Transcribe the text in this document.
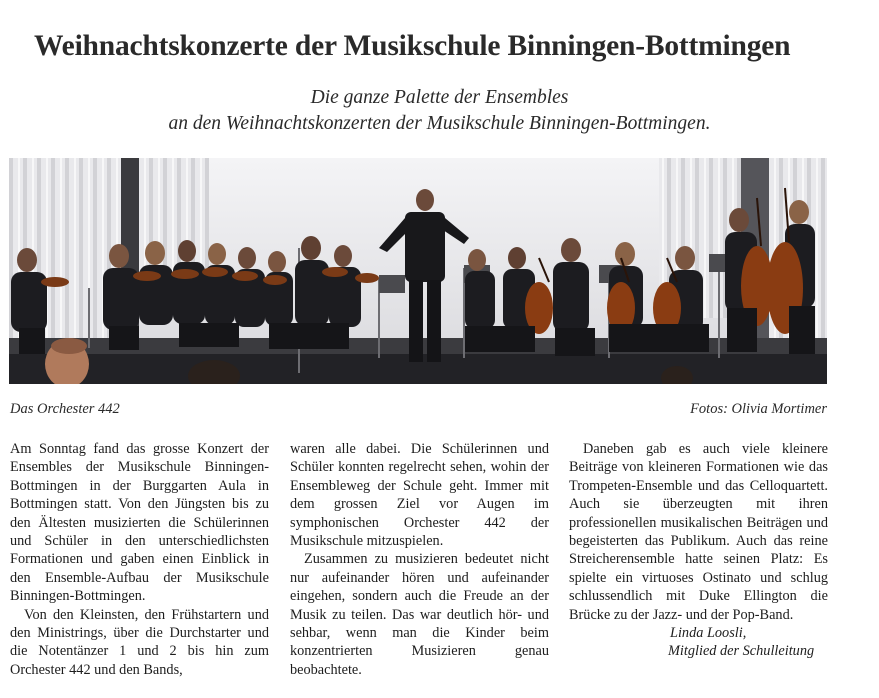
Weihnachtskonzerte der Musikschule Binningen-Bottmingen

Die ganze Palette der Ensembles

an den Weihnachtskonzerten der Musikschule Binningen-Bottmingen.

Das Orchester 442	Fotos: Olivia Mortimer

Am Sonntag fand das grosse Konzert der Ensembles der Musikschule Binningen-Bottmingen in der Burggarten Aula in Bottmingen statt. Von den Jüngsten bis zu den Ältesten musizierten die Schülerinnen und Schüler in den unterschiedlichsten Formationen und gaben einen Einblick in den Ensemble-Aufbau der Musikschule Binningen-Bottmingen.

Von den Kleinsten, den Frühstartern und den Ministrings, über die Durchstarter und die Notentänzer 1 und 2 bis hin zum Orchester 442 und den Bands,

waren alle dabei. Die Schülerinnen und Schüler konnten regelrecht sehen, wohin der Ensembleweg der Schule geht. Immer mit dem grossen Ziel vor Augen im symphonischen Orchester 442 der Musikschule mitzuspielen.

Zusammen zu musizieren bedeutet nicht nur aufeinander hören und aufeinander eingehen, sondern auch die Freude an der Musik zu teilen. Das war deutlich hör- und sehbar, wenn man die Kinder beim konzentrierten Musizieren genau beobachtete.

Daneben gab es auch viele kleinere Beiträge von kleineren Formationen wie das Trompeten-Ensemble und das Celloquartett. Auch sie überzeugten mit ihren professionellen musikalischen Beiträgen und begeisterten das Publikum. Auch das reine Streicherensemble hatte seinen Platz: Es spielte ein virtuoses Ostinato und schlug schlussendlich mit Duke Ellington die Brücke zu der Jazz- und der Pop-Band.

Linda Loosli,

Mitglied der Schulleitung
